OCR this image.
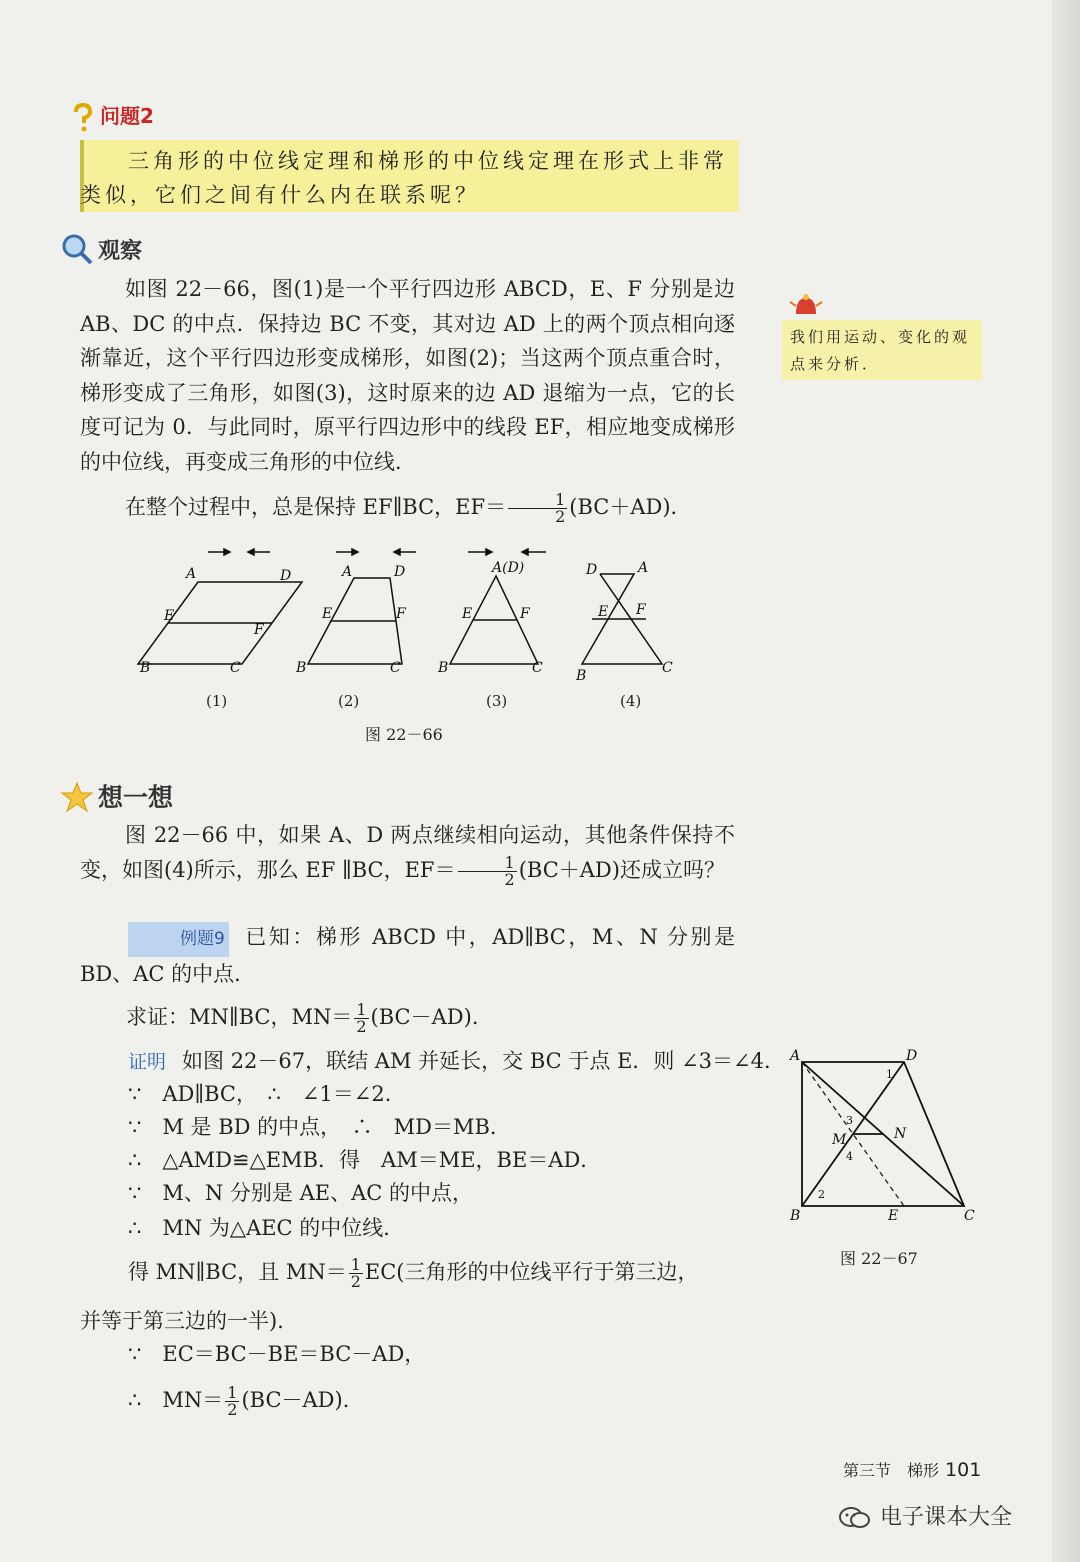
问题2

三角形的中位线定理和梯形的中位线定理在形式上非常类似，它们之间有什么内在联系呢？

观察

如图 22－66，图(1)是一个平行四边形 ABCD，E、F 分别是边 AB、DC 的中点．保持边 BC 不变，其对边 AD 上的两个顶点相向逐渐靠近，这个平行四边形变成梯形，如图(2)；当这两个顶点重合时，梯形变成了三角形，如图(3)，这时原来的边 AD 退缩为一点，它的长度可记为 0．与此同时，原平行四边形中的线段 EF，相应地变成梯形的中位线，再变成三角形的中位线．

在整个过程中，总是保持 EF∥BC，$EF= \frac{1}{2} (BC+AD)$．

我们用运动、变化的观点来分析．
A	D
E
F
B	C
A	D
E	F
B	C
A(D)
E	F
B	C
D	A
E F
B	C
(1)	(2)	(3)	(4)
图 22－66
想一想

图 22－66 中，如果 A、D 两点继续相向运动，其他条件保持不变，如图(4)所示，那么 EF ∥BC，$EF= \frac{1}{2} (BC+AD)$还成立吗？

例题9 已知：梯形 ABCD 中，AD∥BC，M、N 分别是 BD、AC 的中点．

求证：MN∥BC，$MN= \frac{1}{2} (BC-AD)$．

证明 如图 22－67，联结 AM 并延长，交 BC 于点 E．则 ∠3＝∠4．

∵　AD∥BC，　∴　∠1＝∠2．

∵　M 是 BD 的中点，　∴　MD＝MB．

∴　△AMD≌△EMB．得　AM＝ME，BE＝AD．

∵　M、N 分别是 AE、AC 的中点，

∴　MN 为△AEC 的中位线．

得 MN∥BC，且 $MN= \frac{1}{2} EC$(三角形的中位线平行于第三边，

并等于第三边的一半)．

∵　EC＝BC－BE＝BC－AD，

∴　$MN= \frac{1}{2} (BC-AD)$．

A	D
B	C
E
M	N
1
2
3
4
图 22－67
第三节　梯形 101
电子课本大全
